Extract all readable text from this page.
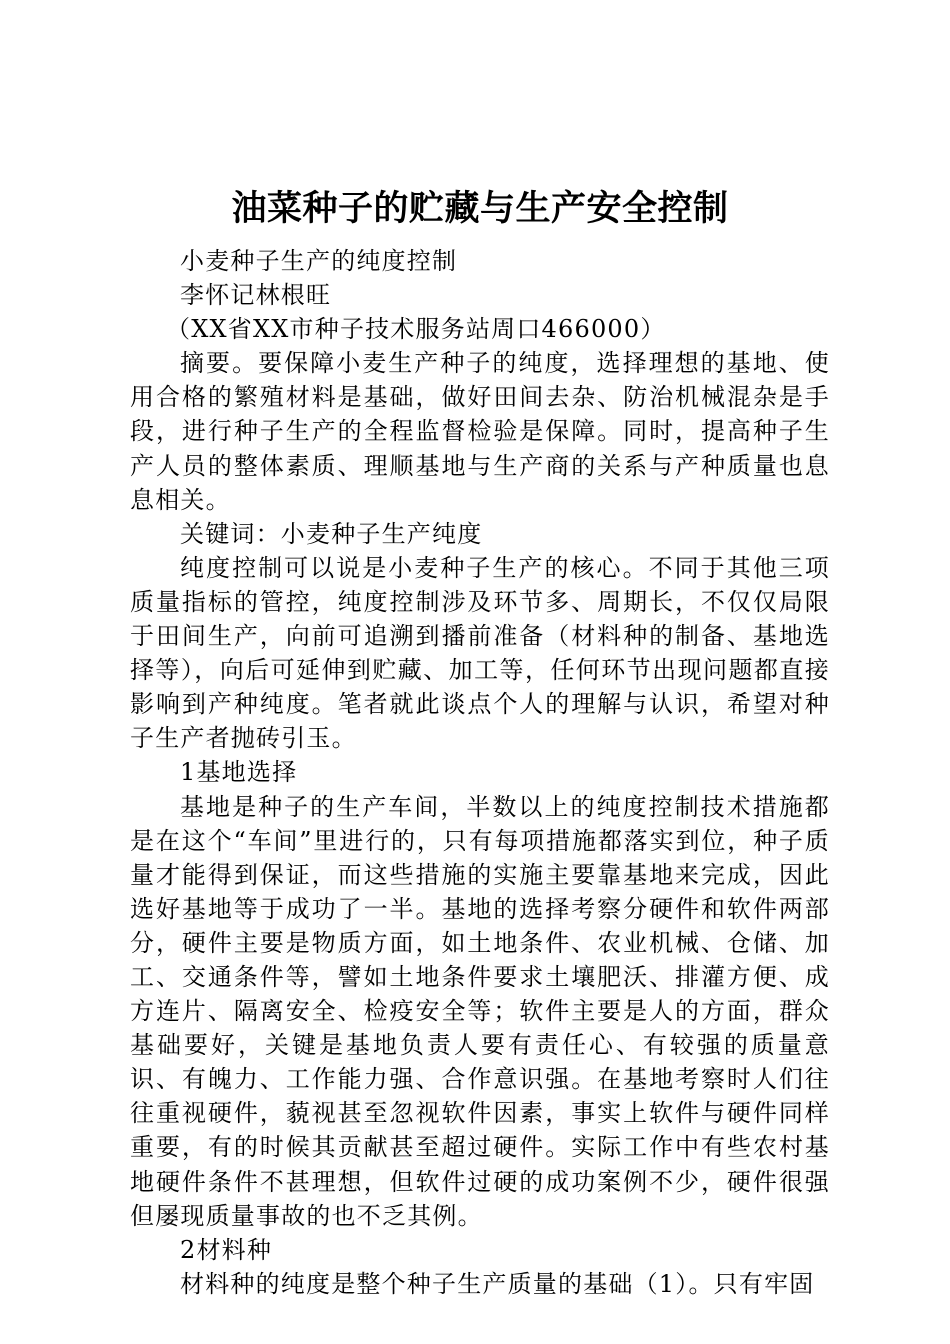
油菜种子的贮藏与生产安全控制

小麦种子生产的纯度控制

李怀记林根旺

（XX省XX市种子技术服务站周口466000）

摘要。要保障小麦生产种子的纯度，选择理想的基地、使用合格的繁殖材料是基础，做好田间去杂、防治机械混杂是手段，进行种子生产的全程监督检验是保障。同时，提高种子生产人员的整体素质、理顺基地与生产商的关系与产种质量也息息相关。

关键词：小麦种子生产纯度

纯度控制可以说是小麦种子生产的核心。不同于其他三项质量指标的管控，纯度控制涉及环节多、周期长，不仅仅局限于田间生产，向前可追溯到播前准备（材料种的制备、基地选择等），向后可延伸到贮藏、加工等，任何环节出现问题都直接影响到产种纯度。笔者就此谈点个人的理解与认识，希望对种子生产者抛砖引玉。

1基地选择

基地是种子的生产车间，半数以上的纯度控制技术措施都是在这个“车间”里进行的，只有每项措施都落实到位，种子质量才能得到保证，而这些措施的实施主要靠基地来完成，因此选好基地等于成功了一半。基地的选择考察分硬件和软件两部分，硬件主要是物质方面，如土地条件、农业机械、仓储、加工、交通条件等，譬如土地条件要求土壤肥沃、排灌方便、成方连片、隔离安全、检疫安全等；软件主要是人的方面，群众基础要好，关键是基地负责人要有责任心、有较强的质量意识、有魄力、工作能力强、合作意识强。在基地考察时人们往往重视硬件，藐视甚至忽视软件因素，事实上软件与硬件同样重要，有的时候其贡献甚至超过硬件。实际工作中有些农村基地硬件条件不甚理想，但软件过硬的成功案例不少，硬件很强但屡现质量事故的也不乏其例。

2材料种

材料种的纯度是整个种子生产质量的基础（1）。只有牢固
